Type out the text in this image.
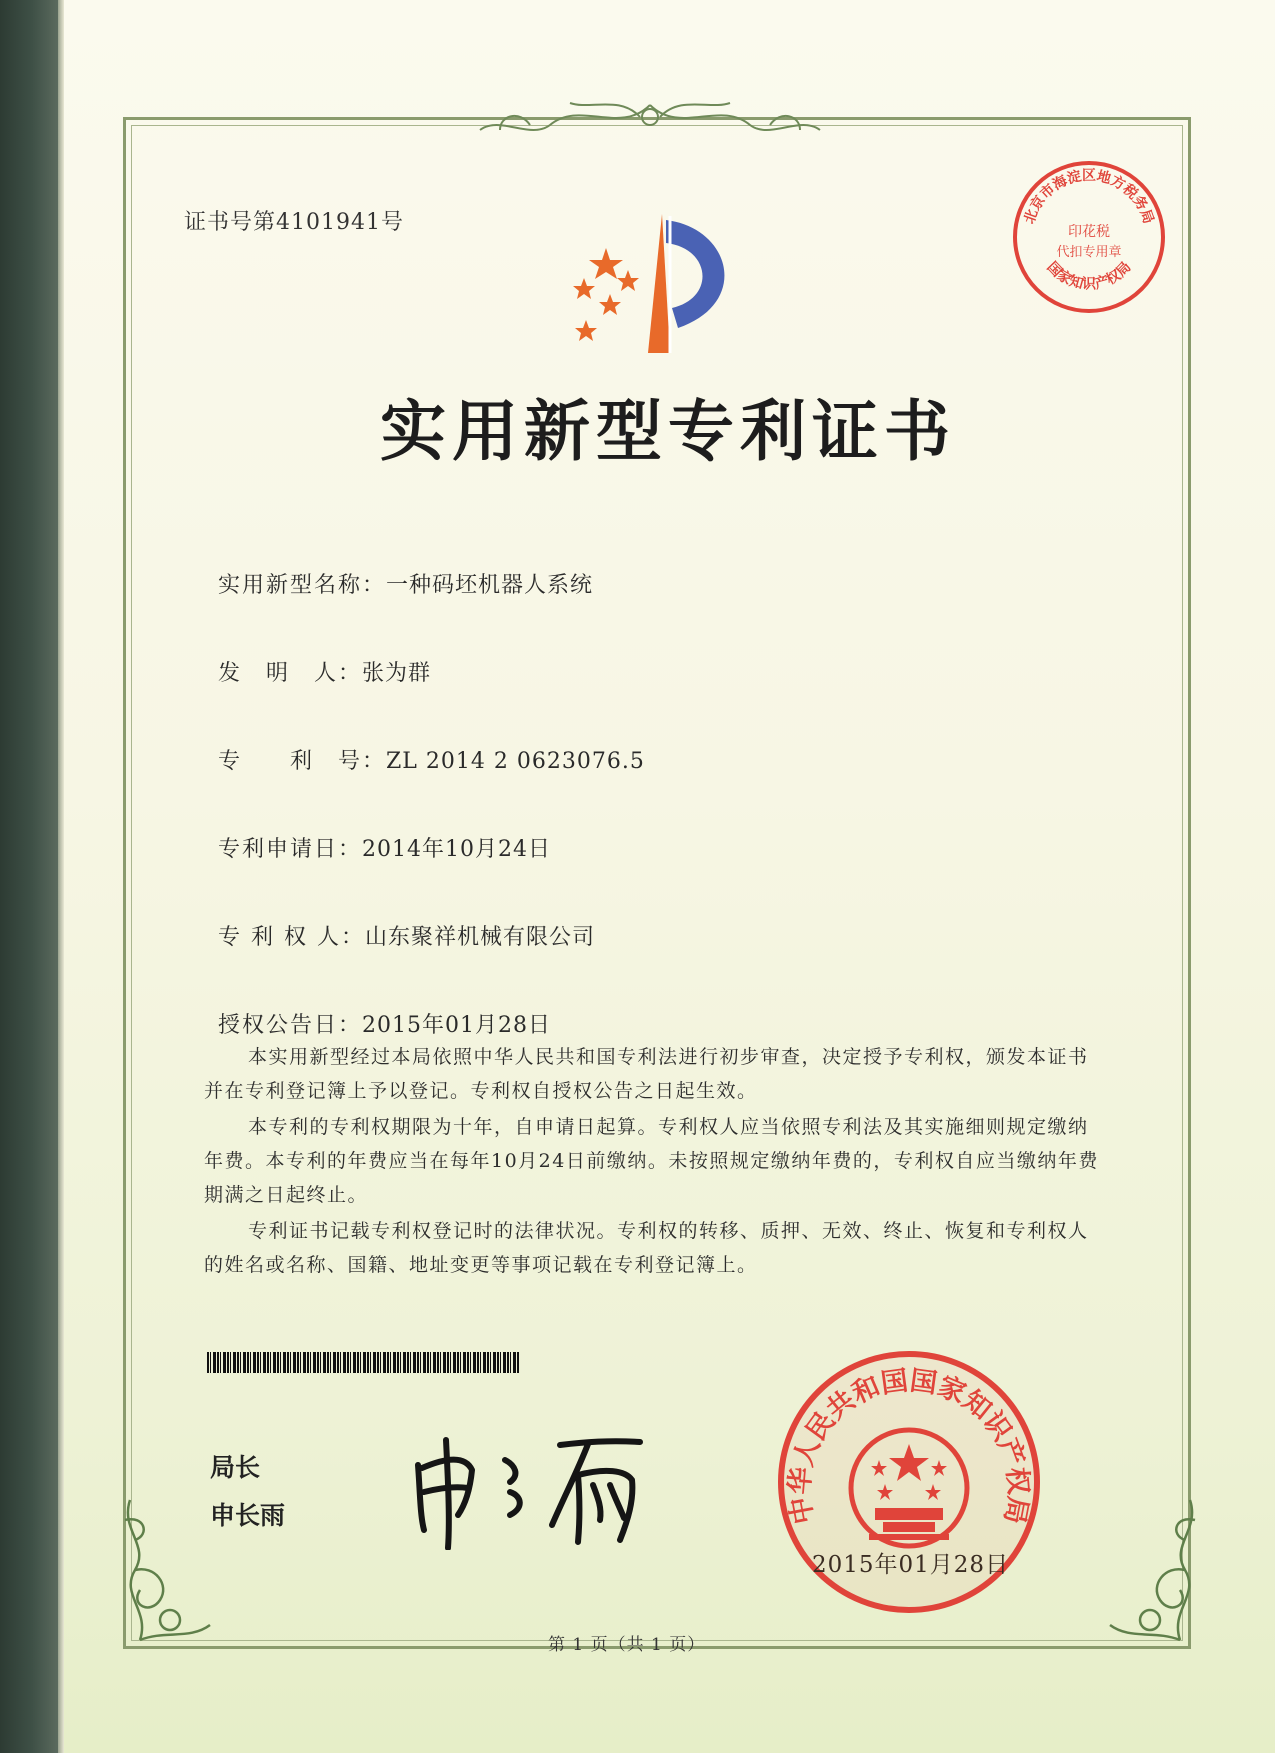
证书号第4101941号	北京市海淀区地方税务局
印花税
代扣专用章
国家知识产权局
实用新型专利证书

实用新型名称：一种码坯机器人系统

发　明　人：张为群

专　　利　号：ZL 2014 2 0623076.5

专利申请日：2014年10月24日

专 利 权 人：山东聚祥机械有限公司

授权公告日：2015年01月28日

本实用新型经过本局依照中华人民共和国专利法进行初步审查，决定授予专利权，颁发本证书并在专利登记簿上予以登记。专利权自授权公告之日起生效。
本专利的专利权期限为十年，自申请日起算。专利权人应当依照专利法及其实施细则规定缴纳年费。本专利的年费应当在每年10月24日前缴纳。未按照规定缴纳年费的，专利权自应当缴纳年费期满之日起终止。
专利证书记载专利权登记时的法律状况。专利权的转移、质押、无效、终止、恢复和专利权人的姓名或名称、国籍、地址变更等事项记载在专利登记簿上。
局长
申长雨	中华人民共和国国家知识产权局
2015年01月28日
第 1 页（共 1 页）
